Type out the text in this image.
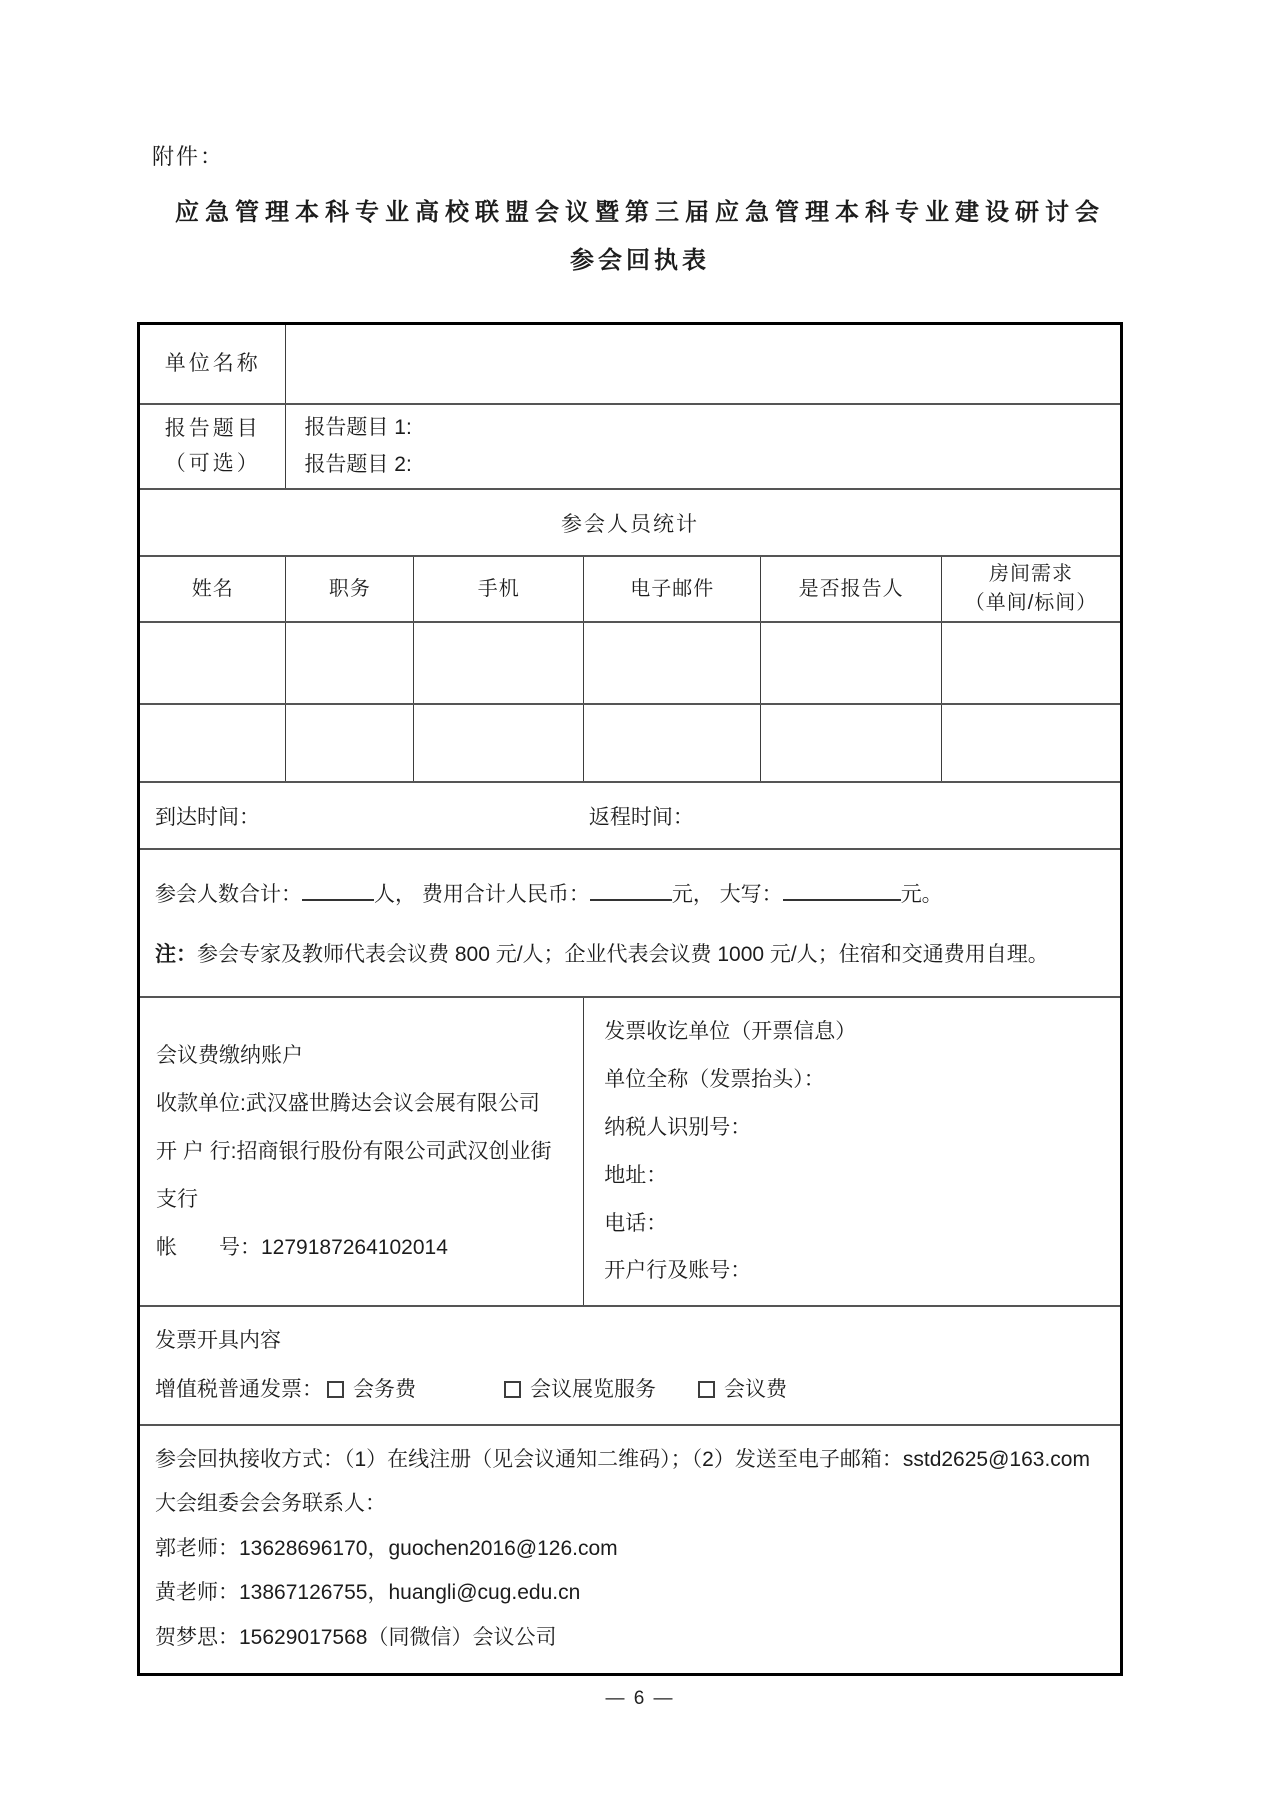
附件：
应急管理本科专业高校联盟会议暨第三届应急管理本科专业建设研讨会
参会回执表
单位名称					
报告题目
（可选）	
报告题目 1:
报告题目 2:

参会人员统计					
姓名	职务	手机	电子邮件	是否报告人	房间需求
（单间/标间）

到达时间： 返程时间：					

参会人数合计： 人， 费用合计人民币： 元， 大写： 元。
注：参会专家及教师代表会议费 800 元/人；企业代表会议费 1000 元/人；住宿和交通费用自理。					

会议费缴纳账户
收款单位:武汉盛世腾达会议会展有限公司
开 户 行:招商银行股份有限公司武汉创业街支行
帐　　号：1279187264102014

发票收讫单位（开票信息）
单位全称（发票抬头）：
纳税人识别号：
地址：
电话：
开户行及账号：

发票开具内容
增值税普通发票： 会务费 会议展览服务 会议费					

参会回执接收方式：（1）在线注册（见会议通知二维码）；（2）发送至电子邮箱：sstd2625@163.com
大会组委会会务联系人：
郭老师：13628696170，guochen2016@126.com
黄老师：13867126755，huangli@cug.edu.cn
贺梦思：15629017568（同微信）会议公司					
— 6 —
